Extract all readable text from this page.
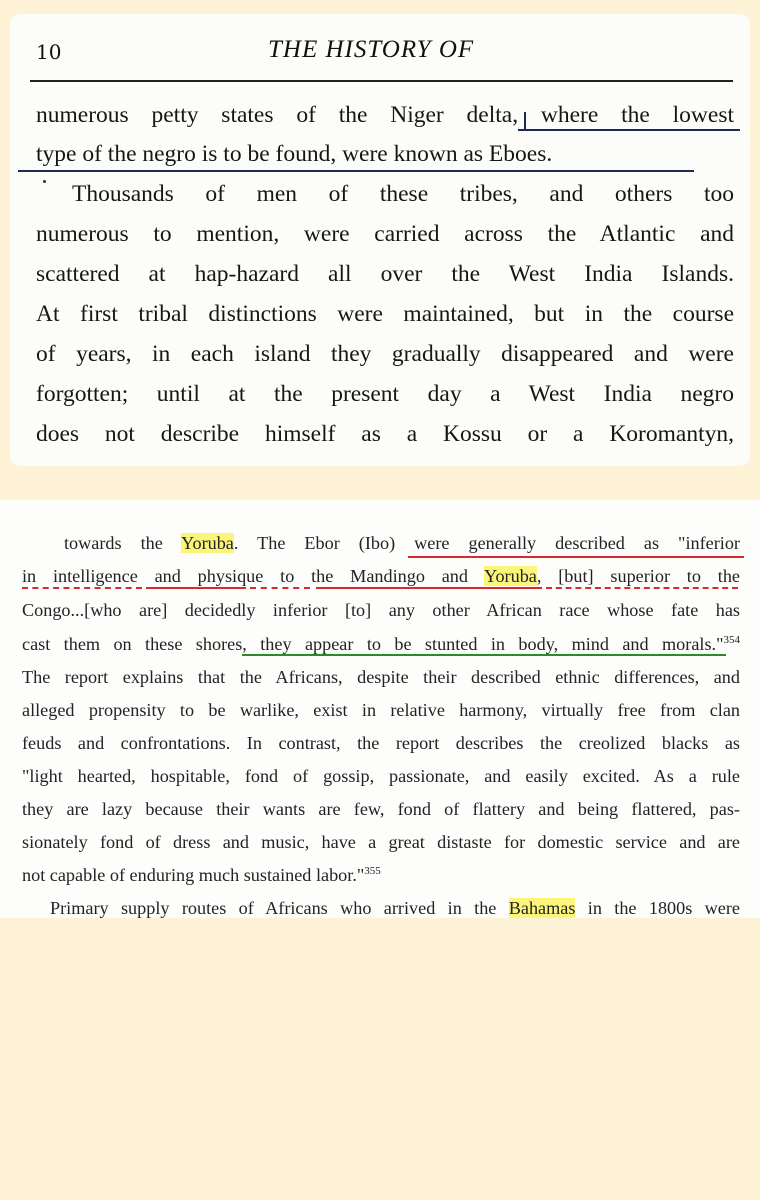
10	THE HISTORY OF
numerous petty states of the Niger delta, where the lowest
type of the negro is to be found, were known as Eboes.
Thousands of men of these tribes, and others too
numerous to mention, were carried across the Atlantic and
scattered at hap-hazard all over the West India Islands.
At first tribal distinctions were maintained, but in the course
of years, in each island they gradually disappeared and were
forgotten; until at the present day a West India negro
does not describe himself as a Kossu or a Koromantyn,
towards the Yoruba. The Ebor (Ibo) were generally described as "inferior
in intelligence and physique to the Mandingo and Yoruba, [but] superior to the
Congo...[who are] decidedly inferior [to] any other African race whose fate has
cast them on these shores, they appear to be stunted in body, mind and morals."$^{354}$
The report explains that the Africans, despite their described ethnic differences, and
alleged propensity to be warlike, exist in relative harmony, virtually free from clan
feuds and confrontations. In contrast, the report describes the creolized blacks as
"light hearted, hospitable, fond of gossip, passionate, and easily excited. As a rule
they are lazy because their wants are few, fond of flattery and being flattered, pas-
sionately fond of dress and music, have a great distaste for domestic service and are
not capable of enduring much sustained labor."$^{355}$
Primary supply routes of Africans who arrived in the Bahamas in the 1800s were
